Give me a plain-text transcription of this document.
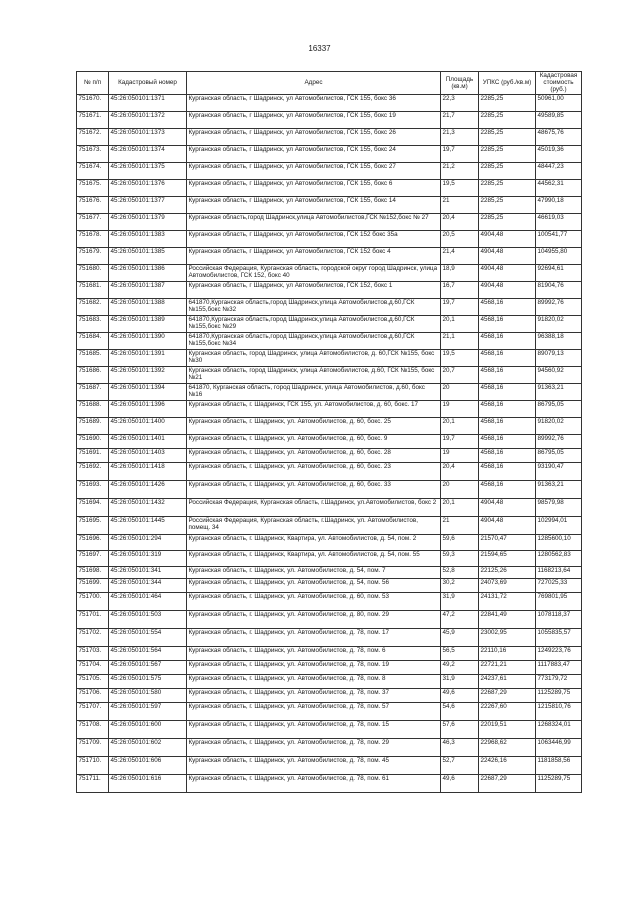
16337
№ п/п	Кадастровый номер	Адрес	Площадь (кв.м)	УПКС (руб./кв.м)	Кадастровая стоимость (руб.)
751670.	45:26:050101:1371	Курганская область, г Шадринск, ул Автомобилистов, ГСК 155, бокс 36	22,3	2285,25	50961,00
751671.	45:26:050101:1372	Курганская область, г Шадринск, ул Автомобилистов, ГСК 155, бокс 19	21,7	2285,25	49589,85
751672.	45:26:050101:1373	Курганская область, г Шадринск, ул Автомобилистов, ГСК 155, бокс 26	21,3	2285,25	48675,76
751673.	45:26:050101:1374	Курганская область, г Шадринск, ул Автомобилистов, ГСК 155, бокс 24	19,7	2285,25	45019,36
751674.	45:26:050101:1375	Курганская область, г Шадринск, ул Автомобилистов, ГСК 155, бокс 27	21,2	2285,25	48447,23
751675.	45:26:050101:1376	Курганская область, г Шадринск, ул Автомобилистов, ГСК 155, бокс 6	19,5	2285,25	44562,31
751676.	45:26:050101:1377	Курганская область, г Шадринск, ул Автомобилистов, ГСК 155, бокс 14	21	2285,25	47990,18
751677.	45:26:050101:1379	Курганская область,город Шадринск,улица Автомобилистов,ГСК №152,бокс № 27	20,4	2285,25	46619,03
751678.	45:26:050101:1383	Курганская область, г Шадринск, ул Автомобилистов, ГСК 152 бокс 35а	20,5	4904,48	100541,77
751679.	45:26:050101:1385	Курганская область, г Шадринск, ул Автомобилистов, ГСК 152 бокс 4	21,4	4904,48	104955,80
751680.	45:26:050101:1386	Российская Федерация, Курганская область, городской округ город Шадринск, улица Автомобилистов, ГСК 152, бокс 40	18,9	4904,48	92694,61
751681.	45:26:050101:1387	Курганская область, г Шадринск, ул Автомобилистов, ГСК 152, бокс 1	16,7	4904,48	81904,76
751682.	45:26:050101:1388	641870,Курганская область,город Шадринск,улица Автомобилистов,д.60,ГСК №155,бокс №32	19,7	4568,16	89992,76
751683.	45:26:050101:1389	641870,Курганская область,город Шадринск,улица Автомобилистов,д.60,ГСК №155,бокс №29	20,1	4568,16	91820,02
751684.	45:26:050101:1390	641870,Курганская область,город Шадринск,улица Автомобилистов,д.60,ГСК №155,бокс №34	21,1	4568,16	96388,18
751685.	45:26:050101:1391	Курганская область, город Шадринск, улица Автомобилистов, д. 60,ГСК №155, бокс №30	19,5	4568,16	89079,13
751686.	45:26:050101:1392	Курганская область, город Шадринск, улица Автомобилистов, д.60, ГСК №155, бокс №21	20,7	4568,16	94560,92
751687.	45:26:050101:1394	641870, Курганская область, город Шадринск, улица Автомобилистов, д.60, бокс №16	20	4568,16	91363,21
751688.	45:26:050101:1396	Курганская область, г. Шадринск, ГСК 155, ул. Автомобилистов, д. 60, бокс. 17	19	4568,16	86795,05
751689.	45:26:050101:1400	Курганская область, г. Шадринск, ул. Автомобилистов, д. 60, бокс. 25	20,1	4568,16	91820,02
751690.	45:26:050101:1401	Курганская область, г. Шадринск, ул. Автомобилистов, д. 60, бокс. 9	19,7	4568,16	89992,76
751691.	45:26:050101:1403	Курганская область, г. Шадринск, ул. Автомобилистов, д. 60, бокс. 28	19	4568,16	86795,05
751692.	45:26:050101:1418	Курганская область, г. Шадринск, ул. Автомобилистов, д. 60, бокс. 23	20,4	4568,16	93190,47
751693.	45:26:050101:1426	Курганская область, г. Шадринск, ул. Автомобилистов, д. 60, бокс. 33	20	4568,16	91363,21
751694.	45:26:050101:1432	Российская Федерация, Курганская область, г.Шадринск, ул.Автомобилистов, бокс 2	20,1	4904,48	98579,98
751695.	45:26:050101:1445	Российская Федерация, Курганская область, г.Шадринск, ул. Автомобилистов, помещ. 34	21	4904,48	102994,01
751696.	45:26:050101:294	Курганская область, г. Шадринск, Квартира, ул. Автомобилистов, д. 54, пом. 2	59,6	21570,47	1285600,10
751697.	45:26:050101:319	Курганская область, г. Шадринск, Квартира, ул. Автомобилистов, д. 54, пом. 55	59,3	21594,65	1280562,83
751698.	45:26:050101:341	Курганская область, г. Шадринск, ул. Автомобилистов, д. 54, пом. 7	52,8	22125,26	1168213,64
751699.	45:26:050101:344	Курганская область, г. Шадринск, ул. Автомобилистов, д. 54, пом. 56	30,2	24073,69	727025,33
751700.	45:26:050101:464	Курганская область, г. Шадринск, ул. Автомобилистов, д. 60, пом. 53	31,9	24131,72	769801,95
751701.	45:26:050101:503	Курганская область, г. Шадринск, ул. Автомобилистов, д. 80, пом. 29	47,2	22841,49	1078118,37
751702.	45:26:050101:554	Курганская область, г. Шадринск, ул. Автомобилистов, д. 78, пом. 17	45,9	23002,95	1055835,57
751703.	45:26:050101:564	Курганская область, г. Шадринск, ул. Автомобилистов, д. 78, пом. 6	56,5	22110,16	1249223,76
751704.	45:26:050101:567	Курганская область, г. Шадринск, ул. Автомобилистов, д. 78, пом. 19	49,2	22721,21	1117883,47
751705.	45:26:050101:575	Курганская область, г. Шадринск, ул. Автомобилистов, д. 78, пом. 8	31,9	24237,61	773179,72
751706.	45:26:050101:580	Курганская область, г. Шадринск, ул. Автомобилистов, д. 78, пом. 37	49,6	22687,29	1125289,75
751707.	45:26:050101:597	Курганская область, г. Шадринск, ул. Автомобилистов, д. 78, пом. 57	54,6	22267,60	1215810,76
751708.	45:26:050101:600	Курганская область, г. Шадринск, ул. Автомобилистов, д. 78, пом. 15	57,6	22019,51	1268324,01
751709.	45:26:050101:602	Курганская область, г. Шадринск, ул. Автомобилистов, д. 78, пом. 29	46,3	22968,62	1063446,99
751710.	45:26:050101:606	Курганская область, г. Шадринск, ул. Автомобилистов, д. 78, пом. 45	52,7	22426,16	1181858,56
751711.	45:26:050101:616	Курганская область, г. Шадринск, ул. Автомобилистов, д. 78, пом. 61	49,6	22687,29	1125289,75
